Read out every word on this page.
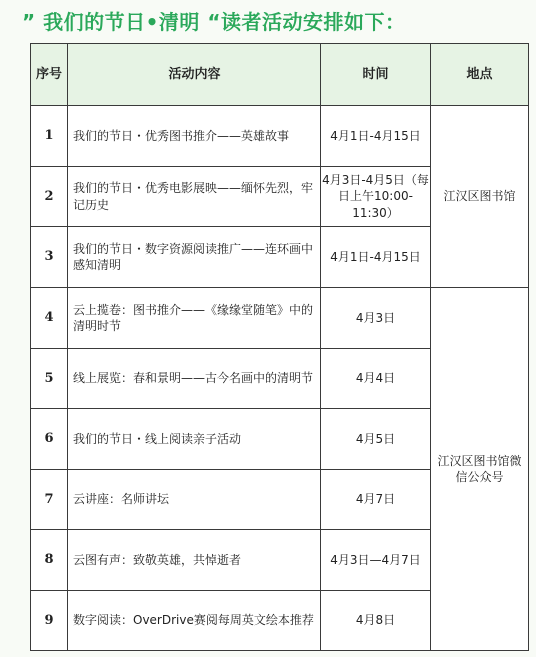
” 我们的节日•清明 “读者活动安排如下：
序号	活动内容	时间	地点
1	我们的节日・优秀图书推介——英雄故事	4月1日-4月15日	江汉区图书馆
2	我们的节日・优秀电影展映——缅怀先烈，牢记历史	4月3日-4月5日（每日上午10:00-11:30）	
3	我们的节日・数字资源阅读推广——连环画中感知清明	4月1日-4月15日	
4	云上揽卷：图书推介——《缘缘堂随笔》中的清明时节	4月3日	江汉区图书馆微信公众号
5	线上展览：春和景明——古今名画中的清明节	4月4日	
6	我们的节日・线上阅读亲子活动	4月5日	
7	云讲座：名师讲坛	4月7日	
8	云图有声：致敬英雄，共悼逝者	4月3日—4月7日	
9	数字阅读：OverDrive赛阅每周英文绘本推荐	4月8日	
